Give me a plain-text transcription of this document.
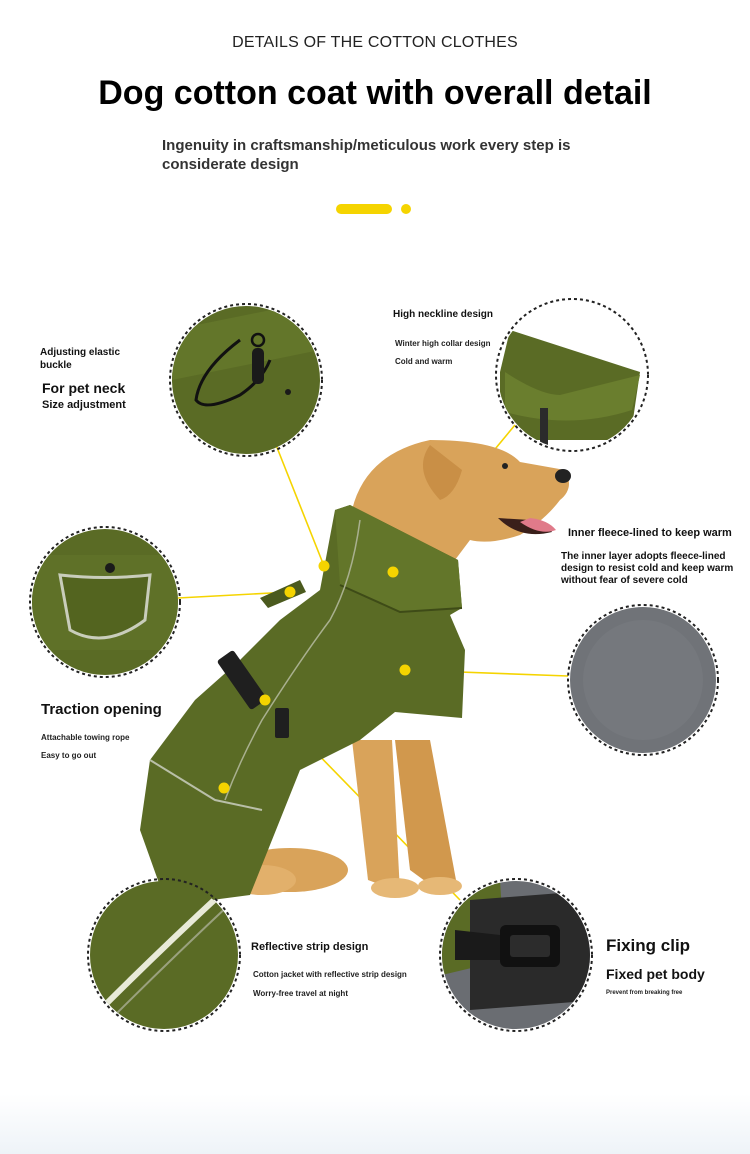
DETAILS OF THE COTTON CLOTHES
Dog cotton coat with overall detail
Ingenuity in craftsmanship/meticulous work every step is considerate design
Adjusting elastic
buckle
For pet neck
Size adjustment
High neckline design
Winter high collar design
Cold and warm
Inner fleece-lined to keep warm
The inner layer adopts fleece-lined
design to resist cold and keep warm
without fear of severe cold
Traction opening
Attachable towing rope
Easy to go out
Reflective strip design
Cotton jacket with reflective strip design
Worry-free travel at night
Fixing clip
Fixed pet body
Prevent from breaking free
